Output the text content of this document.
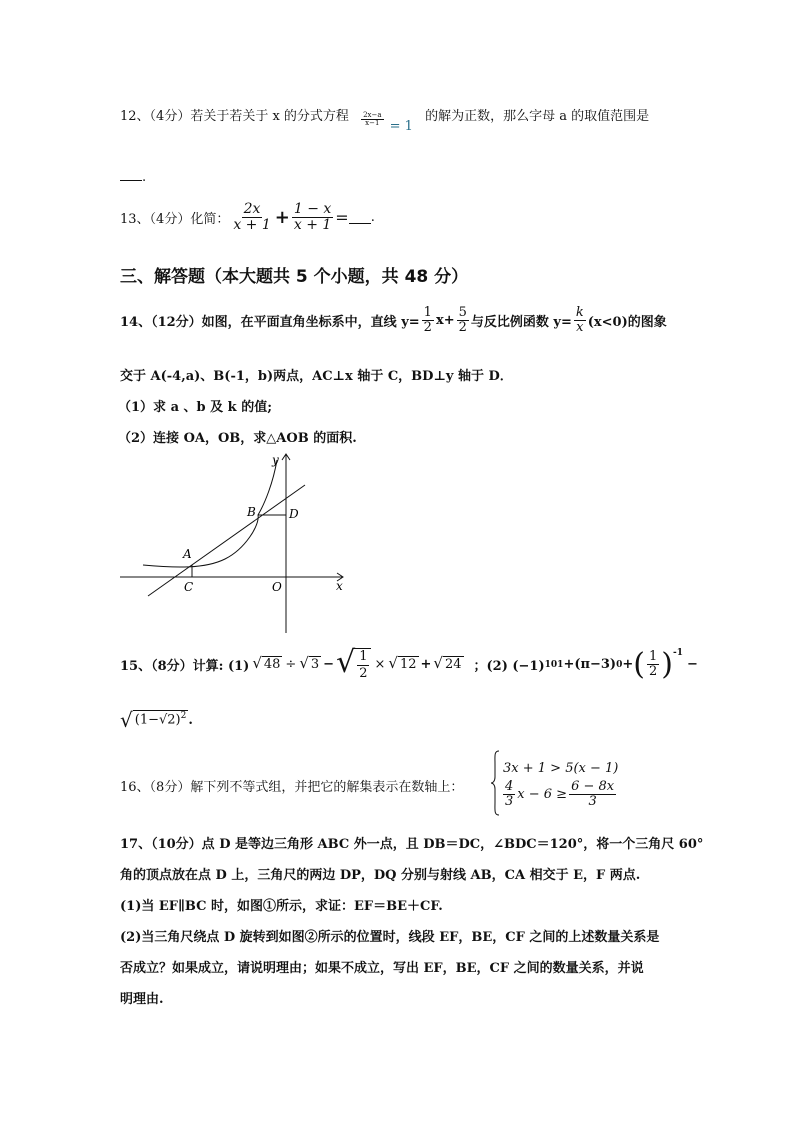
12、（4分）若关于若关于 x 的分式方程 $\frac{2x-a}{x-1} = 1$ 的解为正数，那么字母 a 的取值范围是
.
13、（4分）化简： $\frac{2x}{x + 1} + \frac{1 - x}{x + 1}$ = .
三、解答题（本大题共 5 个小题，共 48 分）
14、（12分）如图，在平面直角坐标系中，直线 $y= \frac{1}{2} x+ \frac{5}{2}$ 与反比例函数 $y= \frac{k}{x} (x<0)$的图象
交于 A(-4,a)、B(-1，b)两点，AC⊥x 轴于 C，BD⊥y 轴于 D．
（1）求 a 、b 及 k 的值;
（2）连接 OA，OB，求△AOB 的面积.
y
x
A
B
C
D
O
15、（8分）计算: (1) √ 48 ÷ √ 3 − √ $\frac{1}{2}$ × √ 12 + √ 24 ；(2) (−1) 101 +(π−3) 0 + ( $\frac{1}{2} )^{-1}$
−
√ $(1-√2)^2$ .
16、（8分）解下列不等式组，并把它的解集表示在数轴上：
3x + 1 > 5(x − 1)
$\frac{4}{3}$ $x - 6 \ge \frac{6 - 8x}{3}$
17、（10分）点 D 是等边三角形 ABC 外一点，且 DB＝DC，∠BDC＝120°，将一个三角尺 60°
角的顶点放在点 D 上，三角尺的两边 DP，DQ 分别与射线 AB，CA 相交于 E，F 两点.
(1)当 EF∥BC 时，如图①所示，求证：EF＝BE＋CF.
(2)当三角尺绕点 D 旋转到如图②所示的位置时，线段 EF，BE，CF 之间的上述数量关系是
否成立？如果成立，请说明理由；如果不成立，写出 EF，BE，CF 之间的数量关系，并说
明理由.
